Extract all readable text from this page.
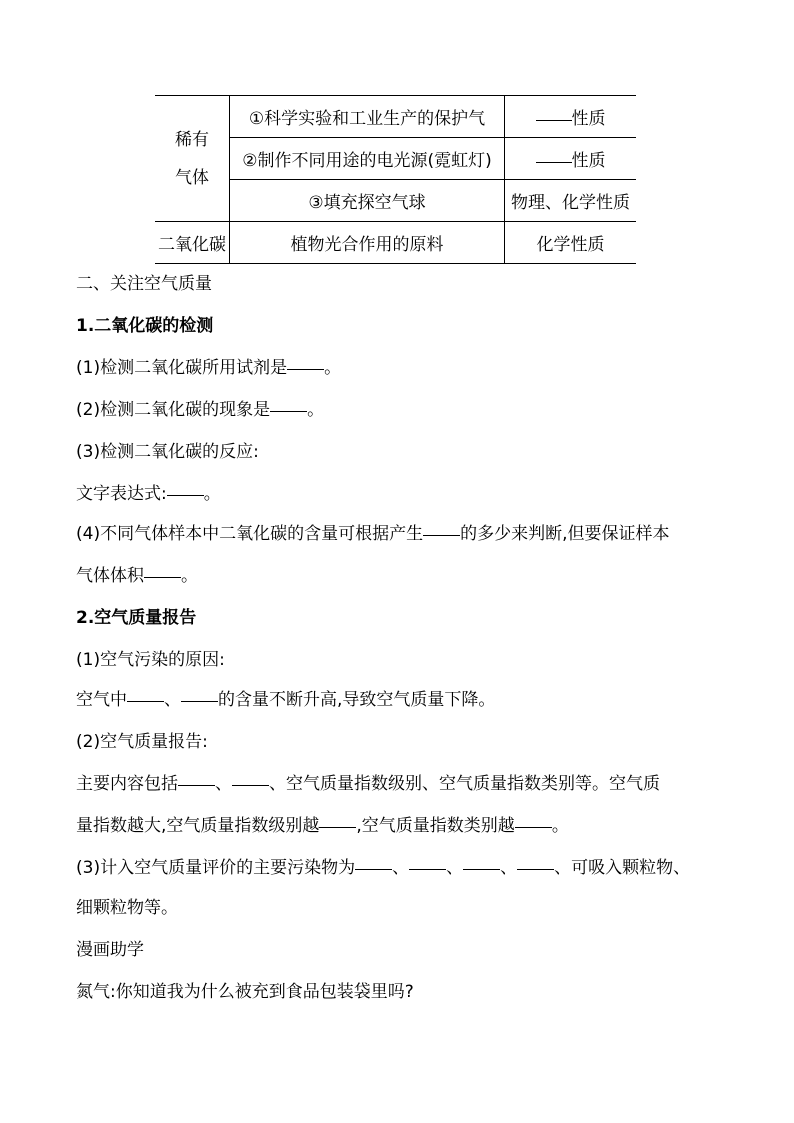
稀有
气体	①科学实验和工业生产的保护气	性质
	②制作不同用途的电光源(霓虹灯)	性质
	③填充探空气球	物理、化学性质
二氧化碳	植物光合作用的原料	化学性质
二、关注空气质量
1.二氧化碳的检测
(1)检测二氧化碳所用试剂是 。
(2)检测二氧化碳的现象是 。
(3)检测二氧化碳的反应:
文字表达式: 。
(4)不同气体样本中二氧化碳的含量可根据产生 的多少来判断,但要保证样本
气体体积 。
2.空气质量报告
(1)空气污染的原因:
空气中 、 的含量不断升高,导致空气质量下降。
(2)空气质量报告:
主要内容包括 、 、空气质量指数级别、空气质量指数类别等。空气质
量指数越大,空气质量指数级别越 ,空气质量指数类别越 。
(3)计入空气质量评价的主要污染物为 、 、 、 、可吸入颗粒物、
细颗粒物等。
漫画助学
氮气:你知道我为什么被充到食品包装袋里吗?
